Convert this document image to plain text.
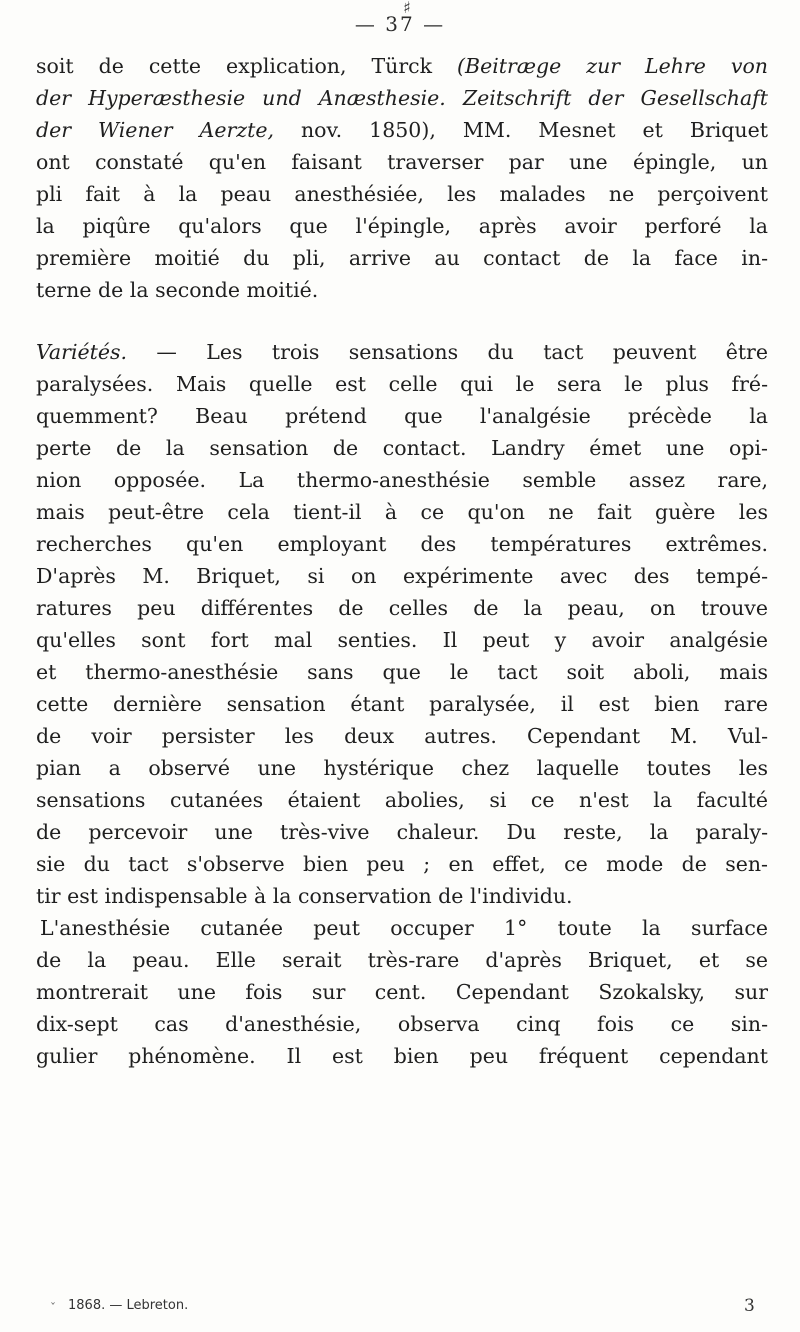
♯
— 37 —
soit de cette explication, Türck (Beitræge zur Lehre von
der Hyperæsthesie und Anæsthesie. Zeitschrift der Gesellschaft
der Wiener Aerzte, nov. 1850), MM. Mesnet et Briquet
ont constaté qu'en faisant traverser par une épingle, un
pli fait à la peau anesthésiée, les malades ne perçoivent
la piqûre qu'alors que l'épingle, après avoir perforé la
première moitié du pli, arrive au contact de la face in-
terne de la seconde moitié.
Variétés. — Les trois sensations du tact peuvent être
paralysées. Mais quelle est celle qui le sera le plus fré-
quemment? Beau prétend que l'analgésie précède la
perte de la sensation de contact. Landry émet une opi-
nion opposée. La thermo-anesthésie semble assez rare,
mais peut-être cela tient-il à ce qu'on ne fait guère les
recherches qu'en employant des températures extrêmes.
D'après M. Briquet, si on expérimente avec des tempé-
ratures peu différentes de celles de la peau, on trouve
qu'elles sont fort mal senties. Il peut y avoir analgésie
et thermo-anesthésie sans que le tact soit aboli, mais
cette dernière sensation étant paralysée, il est bien rare
de voir persister les deux autres. Cependant M. Vul-
pian a observé une hystérique chez laquelle toutes les
sensations cutanées étaient abolies, si ce n'est la faculté
de percevoir une très-vive chaleur. Du reste, la paraly-
sie du tact s'observe bien peu ; en effet, ce mode de sen-
tir est indispensable à la conservation de l'individu.
L'anesthésie cutanée peut occuper 1° toute la surface
de la peau. Elle serait très-rare d'après Briquet, et se
montrerait une fois sur cent. Cependant Szokalsky, sur
dix-sept cas d'anesthésie, observa cinq fois ce sin-
gulier phénomène. Il est bien peu fréquent cependant
ˇ 1868. — Lebreton.	3
